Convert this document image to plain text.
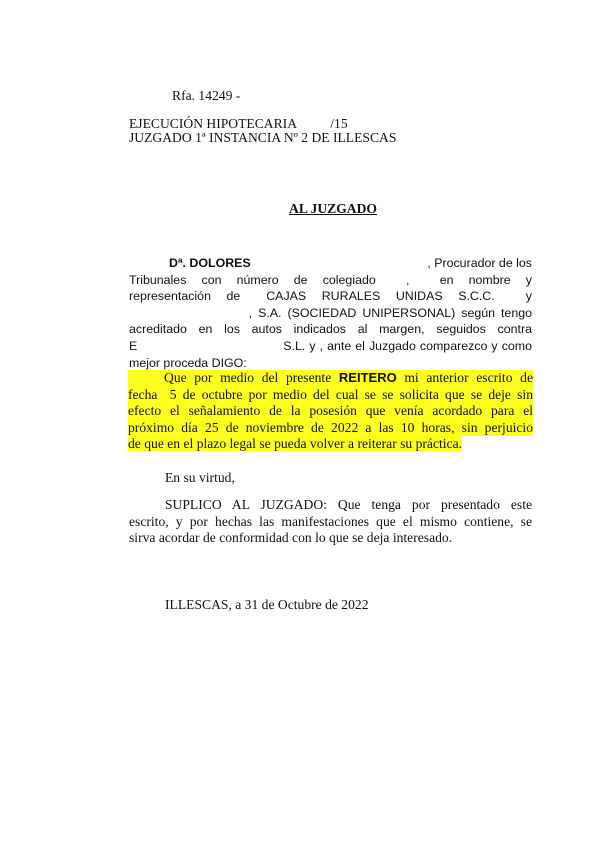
Rfa. 14249 -
EJECUCIÓN HIPOTECARIA          /15
JUZGADO 1ª INSTANCIA Nº 2 DE ILLESCAS
AL JUZGADO
Dª. DOLORES	, Procurador de los
Tribunales   con   número   de   colegiado      ,      en   nombre   y
representación   de     CAJAS   RURALES   UNIDAS   S.C.C.      y
, S.A. (SOCIEDAD UNIPERSONAL) según tengo
acreditado en los autos indicados al margen, seguidos contra
E                                    S.L. y , ante el Juzgado comparezco y como
mejor proceda DIGO:
Que por medio del presente REITERO mi anterior escrito de
fecha  5 de octubre por medio del cual se se solicita que se deje sin
efecto el señalamiento de la posesión que venía acordado para el
próximo día 25 de noviembre de 2022 a las 10 horas, sin perjuicio
de que en el plazo legal se pueda volver a reiterar su práctica.
En su virtud,
SUPLICO AL JUZGADO: Que tenga por presentado este
escrito, y por hechas las manifestaciones que el mismo contiene, se
sirva acordar de conformidad con lo que se deja interesado.
ILLESCAS, a 31 de Octubre de 2022
